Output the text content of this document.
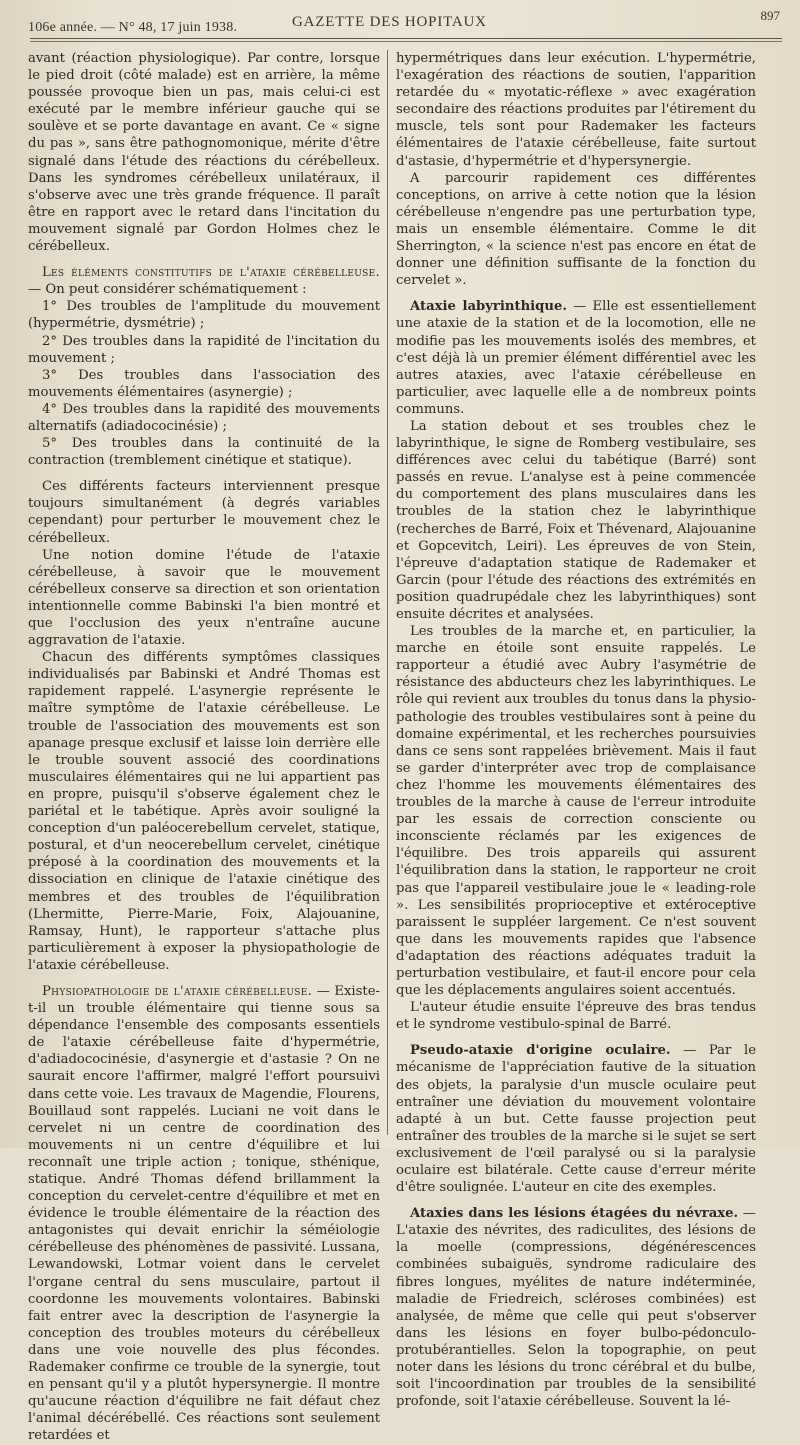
106e année. — N° 48, 17 juin 1938.	GAZETTE DES HOPITAUX	897

avant (réaction physiologique). Par contre, lorsque le pied droit (côté malade) est en arrière, la même poussée provoque bien un pas, mais celui-ci est exécuté par le membre inférieur gauche qui se soulève et se porte davantage en avant. Ce « signe du pas », sans être pathognomonique, mérite d'être signalé dans l'étude des réactions du cérébelleux. Dans les syndromes cérébelleux unilatéraux, il s'observe avec une très grande fréquence. Il paraît être en rapport avec le retard dans l'incitation du mouvement signalé par Gordon Holmes chez le cérébelleux.

Les éléments constitutifs de l'ataxie cérébelleuse. — On peut considérer schématiquement :

1° Des troubles de l'amplitude du mouvement (hypermétrie, dysmétrie) ;

2° Des troubles dans la rapidité de l'incitation du mouvement ;

3° Des troubles dans l'association des mouvements élémentaires (asynergie) ;

4° Des troubles dans la rapidité des mouvements alternatifs (adiadococinésie) ;

5° Des troubles dans la continuité de la contraction (tremblement cinétique et statique).

Ces différents facteurs interviennent presque toujours simultanément (à degrés variables cependant) pour perturber le mouvement chez le cérébelleux.

Une notion domine l'étude de l'ataxie cérébelleuse, à savoir que le mouvement cérébelleux conserve sa direction et son orientation intentionnelle comme Babinski l'a bien montré et que l'occlusion des yeux n'entraîne aucune aggravation de l'ataxie.

Chacun des différents symptômes classiques individualisés par Babinski et André Thomas est rapidement rappelé. L'asynergie représente le maître symptôme de l'ataxie cérébelleuse. Le trouble de l'association des mouvements est son apanage presque exclusif et laisse loin derrière elle le trouble souvent associé des coordinations musculaires élémentaires qui ne lui appartient pas en propre, puisqu'il s'observe également chez le pariétal et le tabétique. Après avoir souligné la conception d'un paléocerebellum cervelet, statique, postural, et d'un neocerebellum cervelet, cinétique préposé à la coordination des mouvements et la dissociation en clinique de l'ataxie cinétique des membres et des troubles de l'équilibration (Lhermitte, Pierre-Marie, Foix, Alajouanine, Ramsay, Hunt), le rapporteur s'attache plus particulièrement à exposer la physiopathologie de l'ataxie cérébelleuse.

Physiopathologie de l'ataxie cérébelleuse. — Existe-t-il un trouble élémentaire qui tienne sous sa dépendance l'ensemble des composants essentiels de l'ataxie cérébelleuse faite d'hypermétrie, d'adiadococinésie, d'asynergie et d'astasie ? On ne saurait encore l'affirmer, malgré l'effort poursuivi dans cette voie. Les travaux de Magendie, Flourens, Bouillaud sont rappelés. Luciani ne voit dans le cervelet ni un centre de coordination des mouvements ni un centre d'équilibre et lui reconnaît une triple action ; tonique, sthénique, statique. André Thomas défend brillamment la conception du cervelet-centre d'équilibre et met en évidence le trouble élémentaire de la réaction des antagonistes qui devait enrichir la séméiologie cérébelleuse des phénomènes de passivité. Lussana, Lewandowski, Lotmar voient dans le cervelet l'organe central du sens musculaire, partout il coordonne les mouvements volontaires. Babinski fait entrer avec la description de l'asynergie la conception des troubles moteurs du cérébelleux dans une voie nouvelle des plus fécondes. Rademaker confirme ce trouble de la synergie, tout en pensant qu'il y a plutôt hypersynergie. Il montre qu'aucune réaction d'équilibre ne fait défaut chez l'animal décérébellé. Ces réactions sont seulement retardées et

hypermétriques dans leur exécution. L'hypermétrie, l'exagération des réactions de soutien, l'apparition retardée du « myotatic-réflexe » avec exagération secondaire des réactions produites par l'étirement du muscle, tels sont pour Rademaker les facteurs élémentaires de l'ataxie cérébelleuse, faite surtout d'astasie, d'hypermétrie et d'hypersynergie.

A parcourir rapidement ces différentes conceptions, on arrive à cette notion que la lésion cérébelleuse n'engendre pas une perturbation type, mais un ensemble élémentaire. Comme le dit Sherrington, « la science n'est pas encore en état de donner une définition suffisante de la fonction du cervelet ».

Ataxie labyrinthique. — Elle est essentiellement une ataxie de la station et de la locomotion, elle ne modifie pas les mouvements isolés des membres, et c'est déjà là un premier élément différentiel avec les autres ataxies, avec l'ataxie cérébelleuse en particulier, avec laquelle elle a de nombreux points communs.

La station debout et ses troubles chez le labyrinthique, le signe de Romberg vestibulaire, ses différences avec celui du tabétique (Barré) sont passés en revue. L'analyse est à peine commencée du comportement des plans musculaires dans les troubles de la station chez le labyrinthique (recherches de Barré, Foix et Thévenard, Alajouanine et Gopcevitch, Leiri). Les épreuves de von Stein, l'épreuve d'adaptation statique de Rademaker et Garcin (pour l'étude des réactions des extrémités en position quadrupédale chez les labyrinthiques) sont ensuite décrites et analysées.

Les troubles de la marche et, en particulier, la marche en étoile sont ensuite rappelés. Le rapporteur a étudié avec Aubry l'asymétrie de résistance des abducteurs chez les labyrinthiques. Le rôle qui revient aux troubles du tonus dans la physio-pathologie des troubles vestibulaires sont à peine du domaine expérimental, et les recherches poursuivies dans ce sens sont rappelées brièvement. Mais il faut se garder d'interpréter avec trop de complaisance chez l'homme les mouvements élémentaires des troubles de la marche à cause de l'erreur introduite par les essais de correction consciente ou inconsciente réclamés par les exigences de l'équilibre. Des trois appareils qui assurent l'équilibration dans la station, le rapporteur ne croit pas que l'appareil vestibulaire joue le « leading-role ». Les sensibilités proprioceptive et extéroceptive paraissent le suppléer largement. Ce n'est souvent que dans les mouvements rapides que l'absence d'adaptation des réactions adéquates traduit la perturbation vestibulaire, et faut-il encore pour cela que les déplacements angulaires soient accentués.

L'auteur étudie ensuite l'épreuve des bras tendus et le syndrome vestibulo-spinal de Barré.

Pseudo-ataxie d'origine oculaire. — Par le mécanisme de l'appréciation fautive de la situation des objets, la paralysie d'un muscle oculaire peut entraîner une déviation du mouvement volontaire adapté à un but. Cette fausse projection peut entraîner des troubles de la marche si le sujet se sert exclusivement de l'œil paralysé ou si la paralysie oculaire est bilatérale. Cette cause d'erreur mérite d'être soulignée. L'auteur en cite des exemples.

Ataxies dans les lésions étagées du névraxe. — L'ataxie des névrites, des radiculites, des lésions de la moelle (compressions, dégénérescences combinées subaiguës, syndrome radiculaire des fibres longues, myélites de nature indéterminée, maladie de Friedreich, scléroses combinées) est analysée, de même que celle qui peut s'observer dans les lésions en foyer bulbo-pédonculo-protubérantielles. Selon la topographie, on peut noter dans les lésions du tronc cérébral et du bulbe, soit l'incoordination par troubles de la sensibilité profonde, soit l'ataxie cérébelleuse. Souvent la lé-
